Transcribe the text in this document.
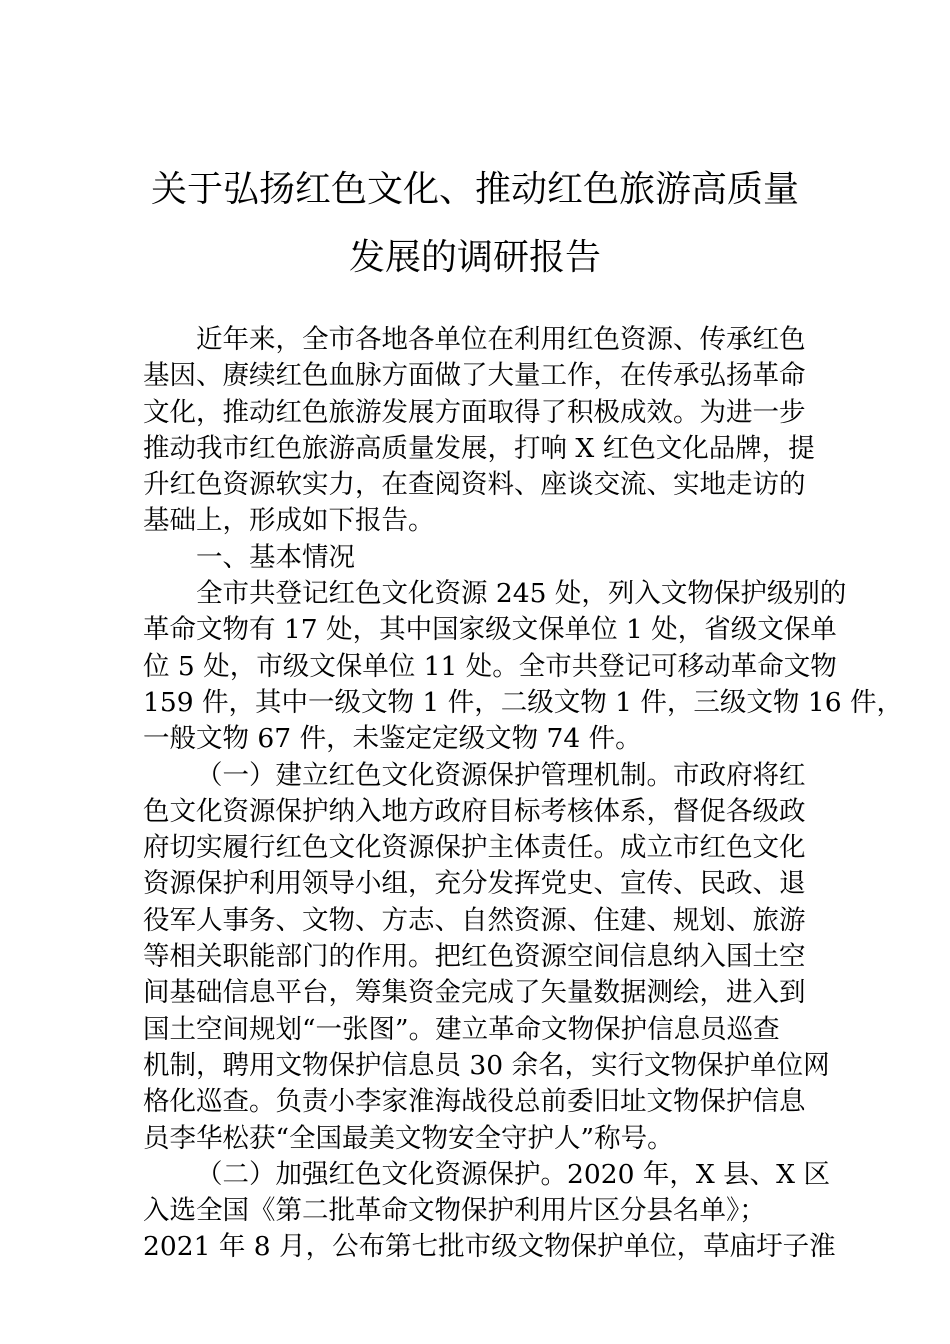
关于弘扬红色文化、推动红色旅游高质量
发展的调研报告
近年来，全市各地各单位在利用红色资源、传承红色
基因、赓续红色血脉方面做了大量工作，在传承弘扬革命
文化，推动红色旅游发展方面取得了积极成效。为进一步
推动我市红色旅游高质量发展，打响 X 红色文化品牌，提
升红色资源软实力，在查阅资料、座谈交流、实地走访的
基础上，形成如下报告。
一、基本情况
全市共登记红色文化资源 245 处，列入文物保护级别的
革命文物有 17 处，其中国家级文保单位 1 处，省级文保单
位 5 处，市级文保单位 11 处。全市共登记可移动革命文物
159 件，其中一级文物 1 件，二级文物 1 件，三级文物 16 件，
一般文物 67 件，未鉴定定级文物 74 件。
（一）建立红色文化资源保护管理机制。市政府将红
色文化资源保护纳入地方政府目标考核体系，督促各级政
府切实履行红色文化资源保护主体责任。成立市红色文化
资源保护利用领导小组，充分发挥党史、宣传、民政、退
役军人事务、文物、方志、自然资源、住建、规划、旅游
等相关职能部门的作用。把红色资源空间信息纳入国土空
间基础信息平台，筹集资金完成了矢量数据测绘，进入到
国土空间规划“一张图”。建立革命文物保护信息员巡查
机制，聘用文物保护信息员 30 余名，实行文物保护单位网
格化巡查。负责小李家淮海战役总前委旧址文物保护信息
员李华松获“全国最美文物安全守护人”称号。
（二）加强红色文化资源保护。2020 年，X 县、X 区
入选全国《第二批革命文物保护利用片区分县名单》；
2021 年 8 月，公布第七批市级文物保护单位，草庙圩子淮
